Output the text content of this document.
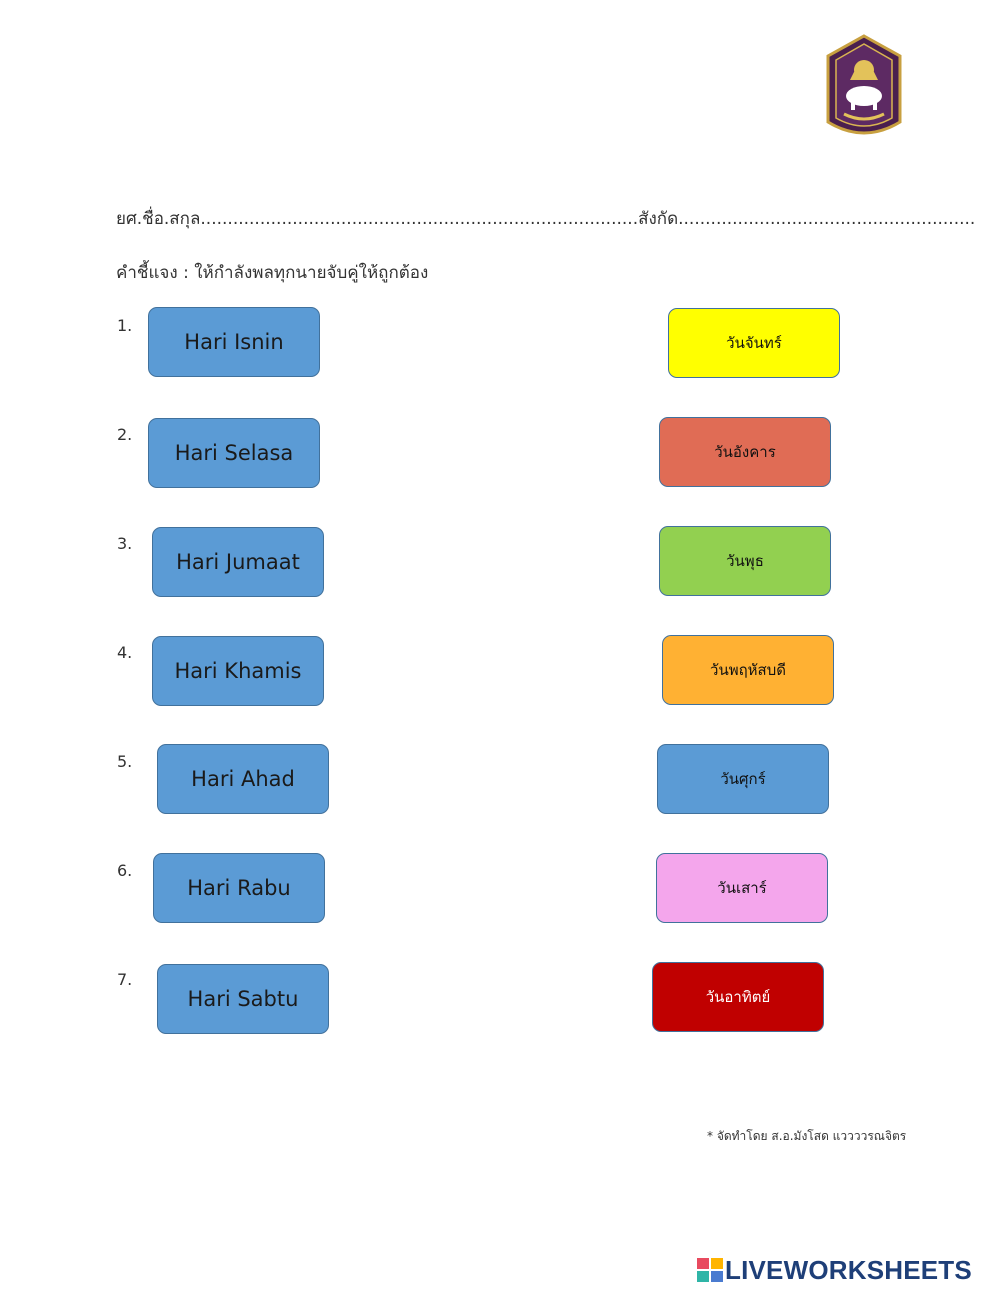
ยศ.ชื่อ.สกุล.................................................................................สังกัด.......................................................
คำชี้แจง : ให้กำลังพลทุกนายจับคู่ให้ถูกต้อง
1.
Hari Isnin
2.
Hari Selasa
3.
Hari Jumaat
4.
Hari Khamis
5.
Hari Ahad
6.
Hari Rabu
7.
Hari Sabtu
วันจันทร์
วันอังคาร
วันพุธ
วันพฤหัสบดี
วันศุกร์
วันเสาร์
วันอาทิตย์
* จัดทำโดย ส.อ.มังโสด แววววรณจิตร
LIVEWORKSHEETS
